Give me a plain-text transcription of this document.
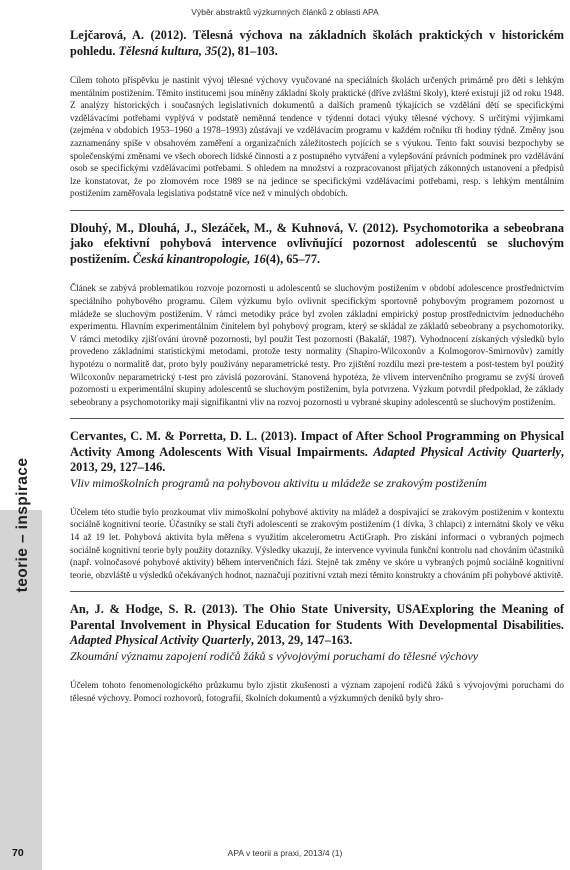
Výběr abstraktů výzkumných článků z oblasti APA
teorie – inspirace

Lejčarová, A. (2012). Tělesná výchova na základních školách praktických v historickém pohledu. Tělesná kultura, 35(2), 81–103.

Cílem tohoto příspěvku je nastinit vývoj tělesné výchovy vyučované na speciálních školách určených primárně pro děti s lehkým mentálním postižením. Těmito institucemi jsou míněny základní školy praktické (dříve zvláštní školy), které existují již od roku 1948. Z analýzy historických i současných legislativních dokumentů a dalších pramenů týkajících se vzdělání dětí se specifickými vzdělávacími potřebami vyplývá v podstatě neměnná tendence v týdenní dotaci výuky tělesné výchovy. S určitými výjimkami (zejména v obdobích 1953–1960 a 1978–1993) zůstávají ve vzdělávacím programu v každém ročníku tři hodiny týdně. Změny jsou zaznamenány spíše v obsahovém zaměření a organizačních záležitostech pojících se s výukou. Tento fakt souvisí bezpochyby se společenskými změnami ve všech oborech lidské činnosti a z postupného vytváření a vylepšování právních podmínek pro vzdělávání osob se specifickými vzdělávacími potřebami. S ohledem na množství a rozpracovanost přijatých zákonných ustanovení a předpisů lze konstatovat, že po zlomovém roce 1989 se na jedince se specifickými vzdělávacími potřebami, resp. s lehkým mentálním postižením zaměřovala legislativa podstatně více než v minulých obdobích.

Dlouhý, M., Dlouhá, J., Slezáček, M., & Kuhnová, V. (2012). Psychomotorika a sebeobrana jako efektivní pohybová intervence ovlivňující pozornost adolescentů se sluchovým postižením. Česká kinantropologie, 16(4), 65–77.

Článek se zabývá problematikou rozvoje pozornosti u adolescentů se sluchovým postižením v období adolescence prostřednictvím speciálního pohybového programu. Cílem výzkumu bylo ovlivnit specifickým sportovně pohybovým programem pozornost u mládeže se sluchovým postižením. V rámci metodiky práce byl zvolen základní empirický postup prostřednictvím jednoduchého experimentu. Hlavním experimentálním činitelem byl pohybový program, který se skládal ze základů sebeobrany a psychomotoriky. V rámci metodiky zjišťování úrovně pozornosti, byl použit Test pozornosti (Bakalář, 1987). Vyhodnocení získaných výsledků bylo provedeno základními statistickými metodami, protože testy normality (Shapiro-Wilcoxonův a Kolmogorov-Smirnovův) zamítly hypotézu o normalitě dat, proto byly použivány neparametrické testy. Pro zjištění rozdílu mezi pre-testem a post-testem byl použitý Wilcoxonův neparametrický t-test pro závislá pozorování. Stanovená hypotéza, že vlivem intervenčního programu se zvýší úroveň pozornosti u experimentální skupiny adolescentů se sluchovým postižením, byla potvrzena. Výzkum potvrdil předpoklad, že základy sebeobrany a psychomotoriky mají signifikantní vliv na rozvoj pozornosti u vybrané skupiny adolescentů se sluchovým postižením.

Cervantes, C. M. & Porretta, D. L. (2013). Impact of After School Programming on Physical Activity Among Adolescents With Visual Impairments. Adapted Physical Activity Quarterly, 2013, 29, 127–146.

Vliv mimoškolních programů na pohybovou aktivitu u mládeže se zrakovým postižením

Účelem této studie bylo prozkoumat vliv mimoškolní pohybové aktivity na mládež a dospívající se zrakovým postižením v kontextu sociálně kognitivní teorie. Účastníky se stali čtyři adolescenti se zrakovým postižením (1 dívka, 3 chlapci) z internátní školy ve věku 14 až 19 let. Pohybová aktivita byla měřena s využitím akcelerometru ActiGraph. Pro získání informací o vybraných pojmech sociálně kognitivní teorie byly použity dotazníky. Výsledky ukazují, že intervence vyvinula funkční kontrolu nad chováním účastníků (např. volnočasové pohybové aktivity) během intervenčních fází. Stejně tak změny ve skóre u vybraných pojmů sociálně kognitivní teorie, obzvláště u výsledků očekávaných hodnot, naznačují pozitivní vztah mezi těmito konstrukty a chováním při pohybové aktivitě.

An, J. & Hodge, S. R. (2013). The Ohio State University, USAExploring the Meaning of Parental Involvement in Physical Education for Students With Developmental Disabilities. Adapted Physical Activity Quarterly, 2013, 29, 147–163.

Zkoumání významu zapojení rodičů žáků s vývojovými poruchami do tělesné výchovy

Účelem tohoto fenomenologického průzkumu bylo zjistit zkušenosti a význam zapojení rodičů žáků s vývojovými poruchami do tělesné výchovy. Pomocí rozhovorů, fotografií, školních dokumentů a výzkumných deníků byly shro-

70	APA v teorii a praxi, 2013/4 (1)
